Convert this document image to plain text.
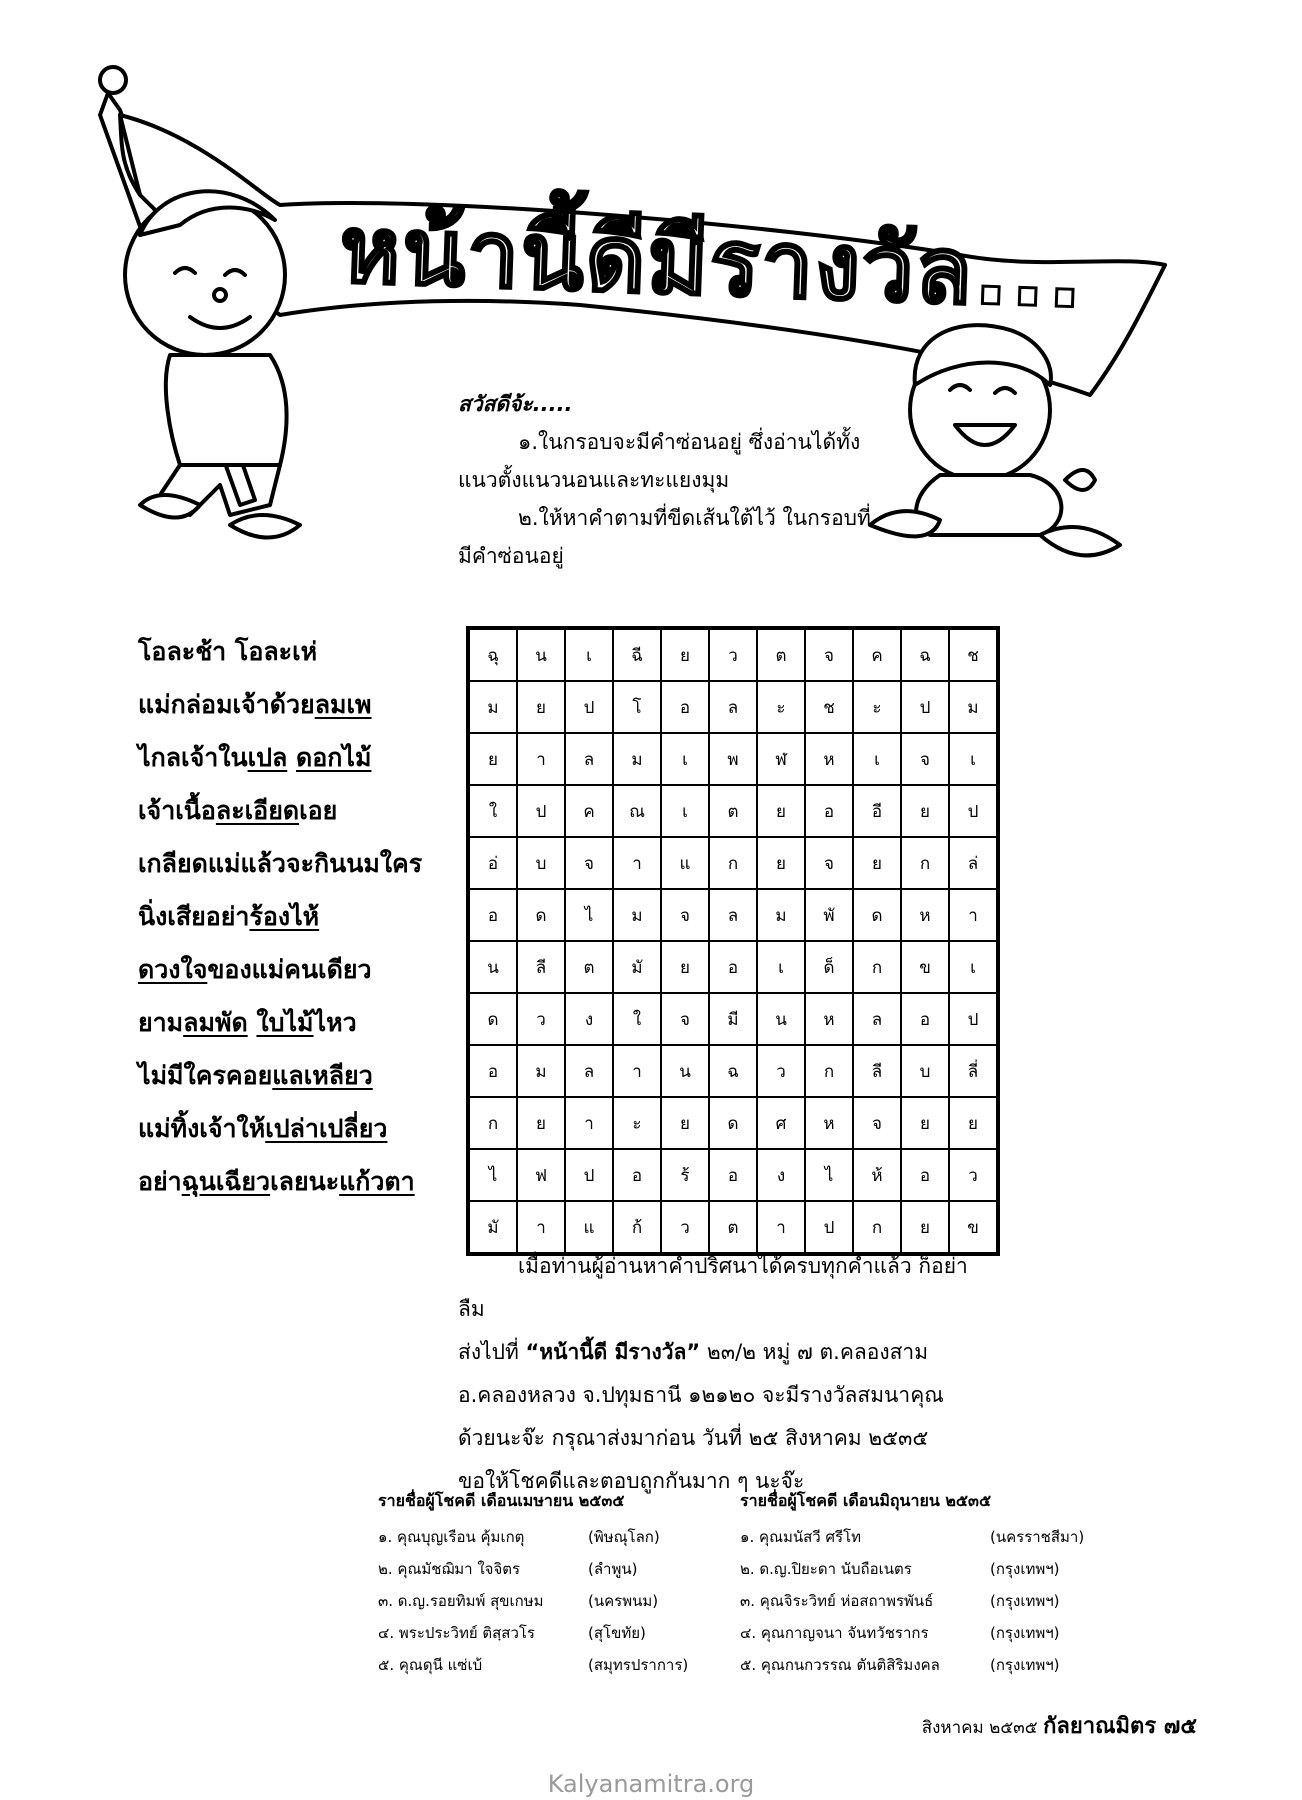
หน้านี้ดีมีรางวัล...
สวัสดีจ้ะ.....

๑.ในกรอบจะมีคำซ่อนอยู่ ซึ่งอ่านได้ทั้ง
แนวตั้งแนวนอนและทะแยงมุม
๒.ให้หาคำตามที่ขีดเส้นใต้ไว้ ในกรอบที่
มีคำซ่อนอยู่
โอละช้า โอละเห่
แม่กล่อมเจ้าด้วยลมเพ
ไกลเจ้าในเปล ดอกไม้
เจ้าเนื้อละเอียดเอย
เกลียดแม่แล้วจะกินนมใคร
นิ่งเสียอย่าร้องไห้
ดวงใจของแม่คนเดียว
ยามลมพัด ใบไม้ไหว
ไม่มีใครคอยแลเหลียว
แม่ทิ้งเจ้าให้เปล่าเปลี่ยว
อย่าฉุนเฉียวเลยนะแก้วตา
ฉุ	น	เ	ฉี	ย	ว	ต	จ	ค	ฉ	ช
ม	ย	ป	โ	อ	ล	ะ	ช	ะ	ป	ม
ย	า	ล	ม	เ	พ	ฬ	ห	เ	จ	เ
ใ	ป	ค	ณ	เ	ต	ย	อ	อี	ย	ป
อ่	บ	จ	า	แ	ก	ย	จ	ย	ก	ล่
อ	ด	ไ	ม	จ	ล	ม	พั	ด	ห	า
น	ลี	ต	มั	ย	อ	เ	ด็	ก	ข	เ
ด	ว	ง	ใ	จ	มี	น	ห	ล	อ	ป
อ	ม	ล	า	น	ฉ	ว	ก	ลี	บ	ลี่
ก	ย	า	ะ	ย	ด	ศ	ห	จ	ย	ย
ไ	ฟ	ป	อ	ร้	อ	ง	ไ	ห้	อ	ว
มั	า	แ	ก้	ว	ต	า	ป	ก	ย	ข
เมื่อท่านผู้อ่านหาคำปริศนาได้ครบทุกคำแล้ว ก็อย่าลืม
ส่งไปที่ “หน้านี้ดี มีรางวัล” ๒๓/๒ หมู่ ๗ ต.คลองสาม
อ.คลองหลวง จ.ปทุมธานี ๑๒๑๒๐ จะมีรางวัลสมนาคุณ
ด้วยนะจ๊ะ กรุณาส่งมาก่อน วันที่ ๒๕ สิงหาคม ๒๕๓๕
ขอให้โชคดีและตอบถูกกันมาก ๆ นะจ๊ะ
รายชื่อผู้โชคดี เดือนเมษายน ๒๕๓๕
๑. คุณบุญเรือน คุ้มเกตุ	(พิษณุโลก)
๒. คุณมัชฌิมา ใจจิตร	(ลำพูน)
๓. ด.ญ.รอยทิมพ์ สุขเกษม	(นครพนม)
๔. พระประวิทย์ ติสฺสวโร	(สุโขทัย)
๕. คุณดุนี แซ่เบ้	(สมุทรปราการ)
รายชื่อผู้โชคดี เดือนมิถุนายน ๒๕๓๕
๑. คุณมนัสวี ศรีโท	(นครราชสีมา)
๒. ด.ญ.ปิยะดา นับถือเนตร	(กรุงเทพฯ)
๓. คุณจิระวิทย์ ห่อสถาพรพันธ์	(กรุงเทพฯ)
๔. คุณกาญจนา จันทวัชรากร	(กรุงเทพฯ)
๕. คุณกนกวรรณ ตันติสิริมงคล	(กรุงเทพฯ)
สิงหาคม ๒๕๓๕ กัลยาณมิตร ๗๕
Kalyanamitra.org
